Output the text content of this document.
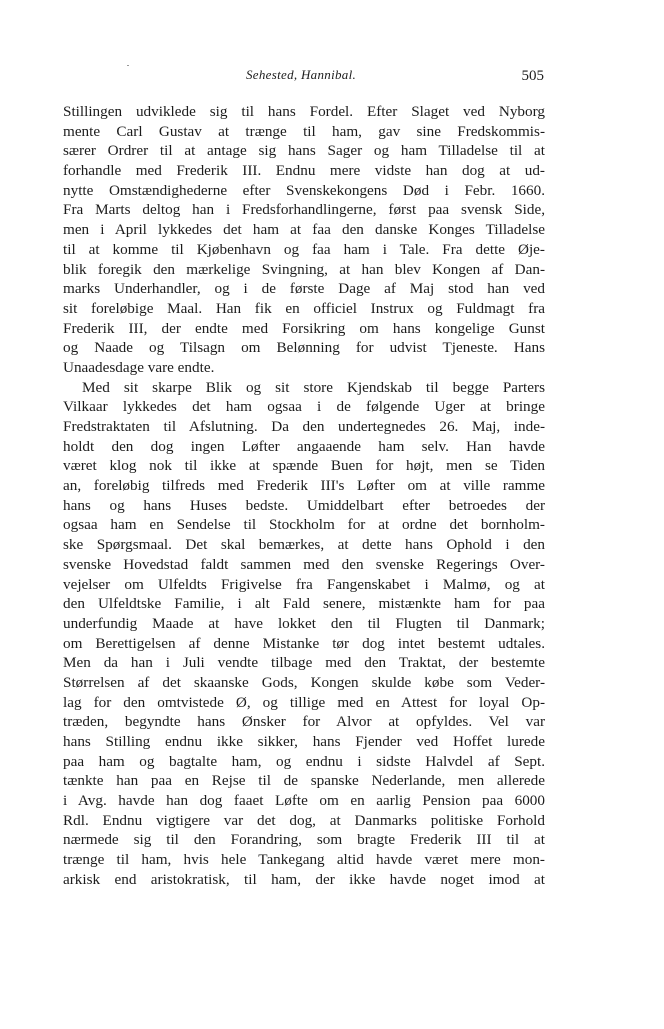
Sehested, Hannibal.	505
Stillingen udviklede sig til hans Fordel. Efter Slaget ved Nyborg
mente Carl Gustav at trænge til ham, gav sine Fredskommis-
særer Ordrer til at antage sig hans Sager og ham Tilladelse til at
forhandle med Frederik III. Endnu mere vidste han dog at ud-
nytte Omstændighederne efter Svenskekongens Død i Febr. 1660.
Fra Marts deltog han i Fredsforhandlingerne, først paa svensk Side,
men i April lykkedes det ham at faa den danske Konges Tilladelse
til at komme til Kjøbenhavn og faa ham i Tale. Fra dette Øje-
blik foregik den mærkelige Svingning, at han blev Kongen af Dan-
marks Underhandler, og i de første Dage af Maj stod han ved
sit foreløbige Maal. Han fik en officiel Instrux og Fuldmagt fra
Frederik III, der endte med Forsikring om hans kongelige Gunst
og Naade og Tilsagn om Belønning for udvist Tjeneste. Hans
Unaadesdage vare endte.
Med sit skarpe Blik og sit store Kjendskab til begge Parters
Vilkaar lykkedes det ham ogsaa i de følgende Uger at bringe
Fredstraktaten til Afslutning. Da den undertegnedes 26. Maj, inde-
holdt den dog ingen Løfter angaaende ham selv. Han havde
været klog nok til ikke at spænde Buen for højt, men se Tiden
an, foreløbig tilfreds med Frederik III's Løfter om at ville ramme
hans og hans Huses bedste. Umiddelbart efter betroedes der
ogsaa ham en Sendelse til Stockholm for at ordne det bornholm-
ske Spørgsmaal. Det skal bemærkes, at dette hans Ophold i den
svenske Hovedstad faldt sammen med den svenske Regerings Over-
vejelser om Ulfeldts Frigivelse fra Fangenskabet i Malmø, og at
den Ulfeldtske Familie, i alt Fald senere, mistænkte ham for paa
underfundig Maade at have lokket den til Flugten til Danmark;
om Berettigelsen af denne Mistanke tør dog intet bestemt udtales.
Men da han i Juli vendte tilbage med den Traktat, der bestemte
Størrelsen af det skaanske Gods, Kongen skulde købe som Veder-
lag for den omtvistede Ø, og tillige med en Attest for loyal Op-
træden, begyndte hans Ønsker for Alvor at opfyldes. Vel var
hans Stilling endnu ikke sikker, hans Fjender ved Hoffet lurede
paa ham og bagtalte ham, og endnu i sidste Halvdel af Sept.
tænkte han paa en Rejse til de spanske Nederlande, men allerede
i Avg. havde han dog faaet Løfte om en aarlig Pension paa 6000
Rdl. Endnu vigtigere var det dog, at Danmarks politiske Forhold
nærmede sig til den Forandring, som bragte Frederik III til at
trænge til ham, hvis hele Tankegang altid havde været mere mon-
arkisk end aristokratisk, til ham, der ikke havde noget imod at
